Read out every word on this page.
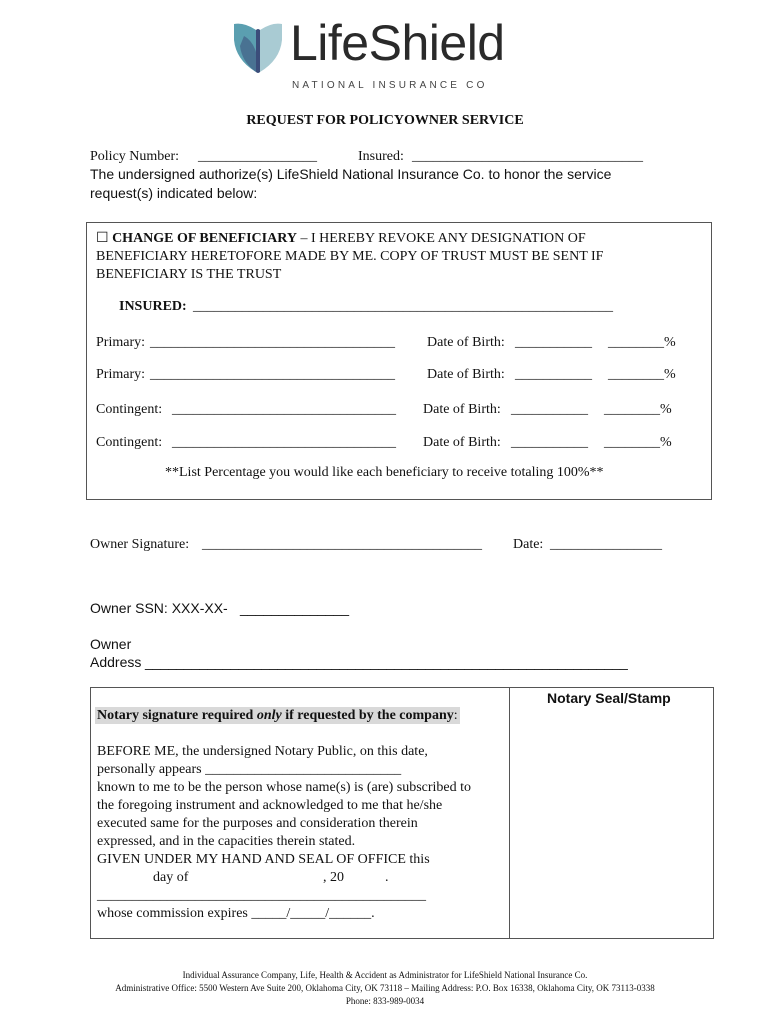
LifeShield
NATIONAL INSURANCE CO
REQUEST FOR POLICYOWNER SERVICE
Policy Number: _________________	Insured: _________________________________
The undersigned authorize(s) LifeShield National Insurance Co. to honor the service
request(s) indicated below:
☐ CHANGE OF BENEFICIARY – I HEREBY REVOKE ANY DESIGNATION OF
BENEFICIARY HERETOFORE MADE BY ME. COPY OF TRUST MUST BE SENT IF
BENEFICIARY IS THE TRUST
INSURED: ____________________________________________________________
Primary: ___________________________________ Date of Birth: ___________ ________%
Primary: ___________________________________ Date of Birth: ___________ ________%
Contingent: ________________________________ Date of Birth: ___________ ________%
Contingent: ________________________________ Date of Birth: ___________ ________%
**List Percentage you would like each beneficiary to receive totaling 100%**
Owner Signature: ________________________________________ Date: ________________
Owner SSN: XXX-XX- ______________
Owner
Address ______________________________________________________________
Notary Seal/Stamp
Notary signature required only if requested by the company:
BEFORE ME, the undersigned Notary Public, on this date,
personally appears ____________________________
known to me to be the person whose name(s) is (are) subscribed to
the foregoing instrument and acknowledged to me that he/she
executed same for the purposes and consideration therein
expressed, and in the capacities therein stated.
GIVEN UNDER MY HAND AND SEAL OF OFFICE this
day of	, 20	.
_______________________________________________
whose commission expires _____/_____/______.
Individual Assurance Company, Life, Health & Accident as Administrator for LifeShield National Insurance Co.
Administrative Office: 5500 Western Ave Suite 200, Oklahoma City, OK 73118 – Mailing Address: P.O. Box 16338, Oklahoma City, OK 73113-0338
Phone: 833-989-0034
